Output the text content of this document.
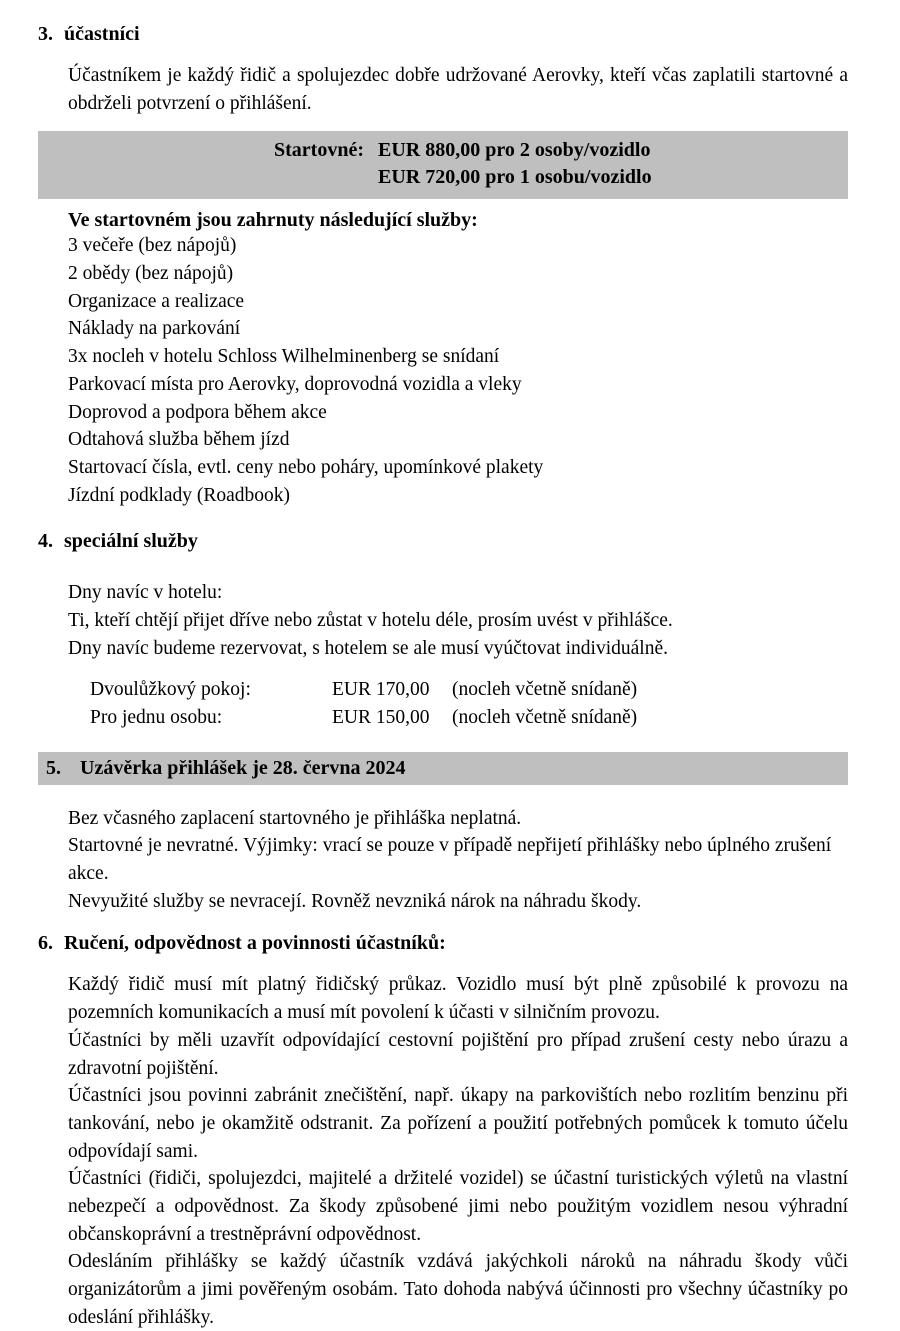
3. účastníci
Účastníkem je každý řidič a spolujezdec dobře udržované Aerovky, kteří včas zaplatili startovné a obdrželi potvrzení o přihlášení.
Startovné: EUR 880,00 pro 2 osoby/vozidlo
EUR 720,00 pro 1 osobu/vozidlo
Ve startovném jsou zahrnuty následující služby:
3 večeře (bez nápojů)
2 obědy (bez nápojů)
Organizace a realizace
Náklady na parkování
3x nocleh v hotelu Schloss Wilhelminenberg se snídaní
Parkovací místa pro Aerovky, doprovodná vozidla a vleky
Doprovod a podpora během akce
Odtahová služba během jízd
Startovací čísla, evtl. ceny nebo poháry, upomínkové plakety
Jízdní podklady (Roadbook)
4. speciální služby
Dny navíc v hotelu:
Ti, kteří chtějí přijet dříve nebo zůstat v hotelu déle, prosím uvést v přihlášce.
Dny navíc budeme rezervovat, s hotelem se ale musí vyúčtovat individuálně.
Dvoulůžkový pokoj:	EUR 170,00	(nocleh včetně snídaně)
Pro jednu osobu:	EUR 150,00	(nocleh včetně snídaně)
5. Uzávěrka přihlášek je 28. června 2024
Bez včasného zaplacení startovného je přihláška neplatná.
Startovné je nevratné. Výjimky: vrací se pouze v případě nepřijetí přihlášky nebo úplného zrušení akce.
Nevyužité služby se nevracejí. Rovněž nevzniká nárok na náhradu škody.
6. Ručení, odpovědnost a povinnosti účastníků:
Každý řidič musí mít platný řidičský průkaz. Vozidlo musí být plně způsobilé k provozu na pozemních komunikacích a musí mít povolení k účasti v silničním provozu.
Účastníci by měli uzavřít odpovídající cestovní pojištění pro případ zrušení cesty nebo úrazu a zdravotní pojištění.
Účastníci jsou povinni zabránit znečištění, např. úkapy na parkovištích nebo rozlitím benzinu při tankování, nebo je okamžitě odstranit. Za pořízení a použití potřebných pomůcek k tomuto účelu odpovídají sami.
Účastníci (řidiči, spolujezdci, majitelé a držitelé vozidel) se účastní turistických výletů na vlastní nebezpečí a odpovědnost. Za škody způsobené jimi nebo použitým vozidlem nesou výhradní občanskoprávní a trestněprávní odpovědnost.
Odesláním přihlášky se každý účastník vzdává jakýchkoli nároků na náhradu škody vůči organizátorům a jimi pověřeným osobám. Tato dohoda nabývá účinnosti pro všechny účastníky po odeslání přihlášky.
